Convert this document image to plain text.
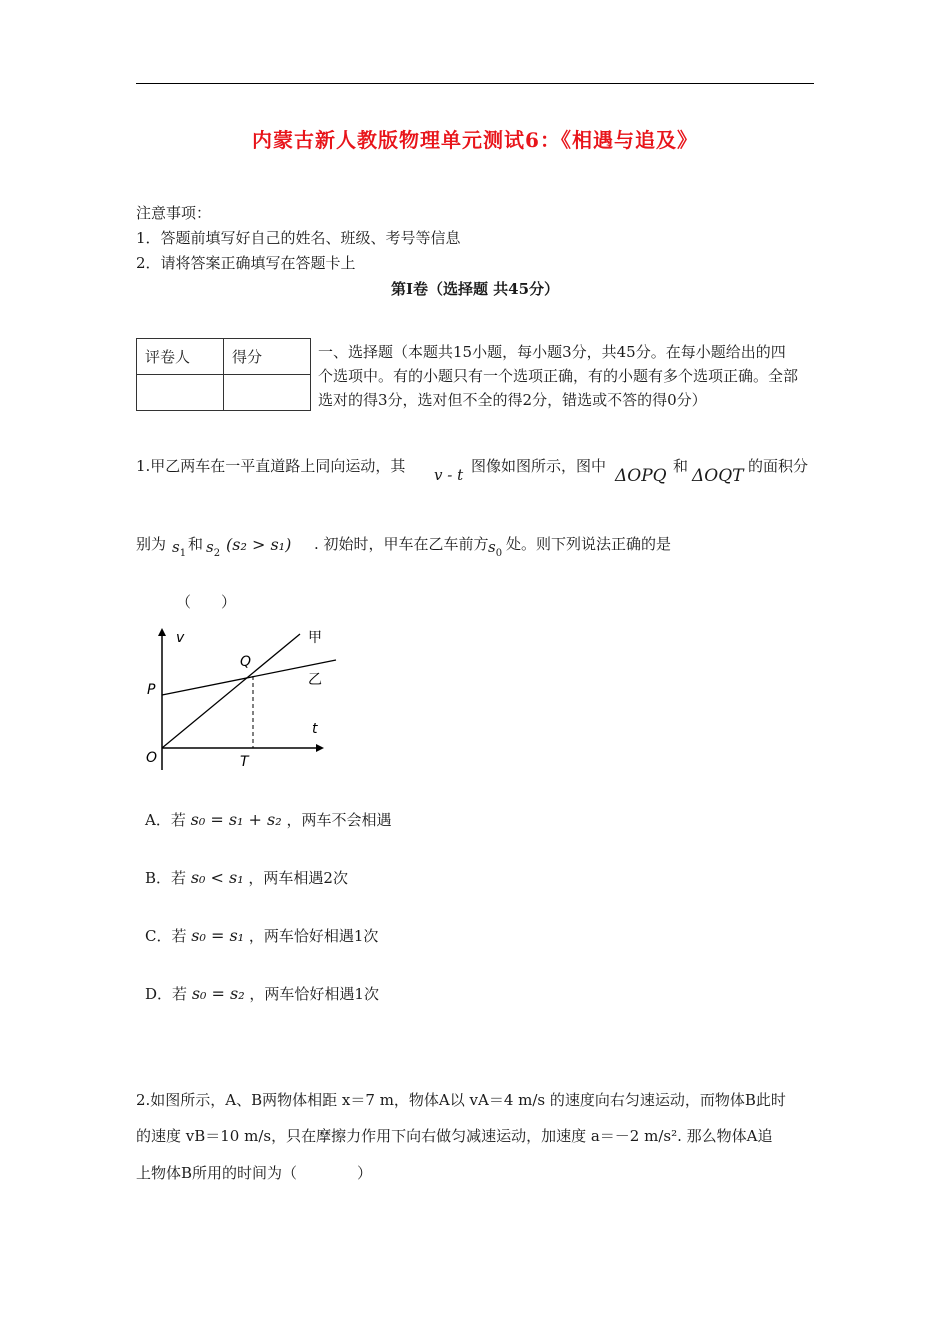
内蒙古新人教版物理单元测试6：《相遇与追及》
注意事项：
1．答题前填写好自己的姓名、班级、考号等信息
2．请将答案正确填写在答题卡上
第Ⅰ卷（选择题 共45分）
评卷人	得分
		一、选择题（本题共15小题，每小题3分，共45分。在每小题给出的四个选项中。有的小题只有一个选项正确，有的小题有多个选项正确。全部选对的得3分，选对但不全的得2分，错选或不答的得0分）
1.甲乙两车在一平直道路上同向运动，其 v - t 图像如图所示，图中 ΔOPQ 和 ΔOQT 的面积分
别为 $s_1$
和 $s_2$ (s₂ > s₁) . 初始时，甲车在乙车前方 $s_0$
处。则下列说法正确的是
（　　）
v
t
O
P
Q
T
甲
乙
A．若 s₀ = s₁ + s₂ ，两车不会相遇
B．若 s₀ < s₁ ，两车相遇2次
C．若 s₀ = s₁ ，两车恰好相遇1次
D．若 s₀ = s₂ ，两车恰好相遇1次
2.如图所示，A、B两物体相距 x＝7 m，物体A以 vA＝4 m/s 的速度向右匀速运动，而物体B此时
的速度 vB＝10 m/s，只在摩擦力作用下向右做匀减速运动，加速度 a＝－2 m/s². 那么物体A追
上物体B所用的时间为（　　　　）
